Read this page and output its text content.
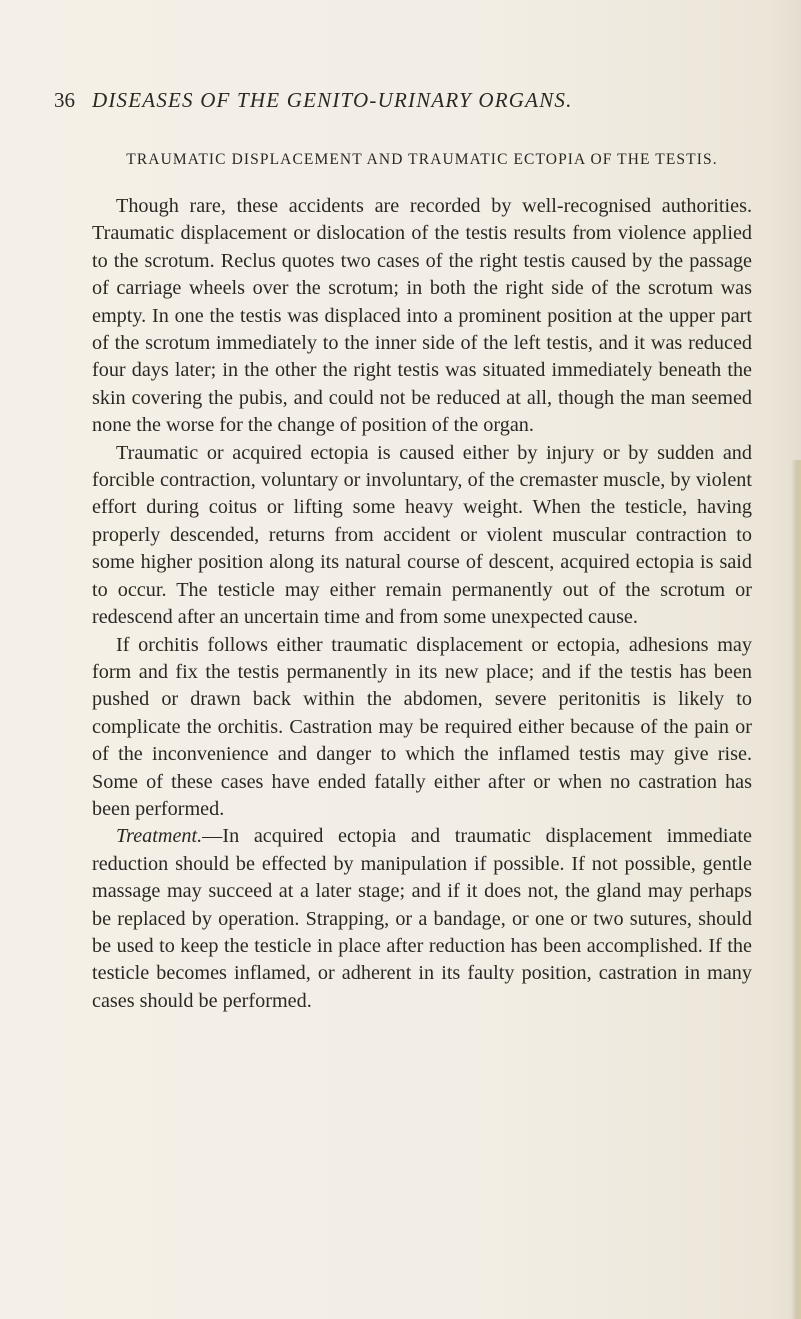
36 DISEASES OF THE GENITO-URINARY ORGANS.
TRAUMATIC DISPLACEMENT AND TRAUMATIC ECTOPIA OF THE TESTIS.

Though rare, these accidents are recorded by well-recognised authorities. Traumatic displacement or dislocation of the testis results from violence applied to the scrotum. Reclus quotes two cases of the right testis caused by the passage of carriage wheels over the scrotum; in both the right side of the scrotum was empty. In one the testis was displaced into a prominent position at the upper part of the scrotum immediately to the inner side of the left testis, and it was reduced four days later; in the other the right testis was situated immediately beneath the skin covering the pubis, and could not be reduced at all, though the man seemed none the worse for the change of position of the organ.

Traumatic or acquired ectopia is caused either by injury or by sudden and forcible contraction, voluntary or involuntary, of the cremaster muscle, by violent effort during coitus or lifting some heavy weight. When the testicle, having properly descended, returns from accident or violent muscular contraction to some higher position along its natural course of descent, acquired ectopia is said to occur. The testicle may either remain permanently out of the scrotum or redescend after an uncertain time and from some unexpected cause.

If orchitis follows either traumatic displacement or ectopia, adhesions may form and fix the testis permanently in its new place; and if the testis has been pushed or drawn back within the abdomen, severe peritonitis is likely to complicate the orchitis. Castration may be required either because of the pain or of the inconvenience and danger to which the inflamed testis may give rise. Some of these cases have ended fatally either after or when no castration has been performed.

Treatment.—In acquired ectopia and traumatic displacement immediate reduction should be effected by manipulation if possible. If not possible, gentle massage may succeed at a later stage; and if it does not, the gland may perhaps be replaced by operation. Strapping, or a bandage, or one or two sutures, should be used to keep the testicle in place after reduction has been accomplished. If the testicle becomes inflamed, or adherent in its faulty position, castration in many cases should be performed.
